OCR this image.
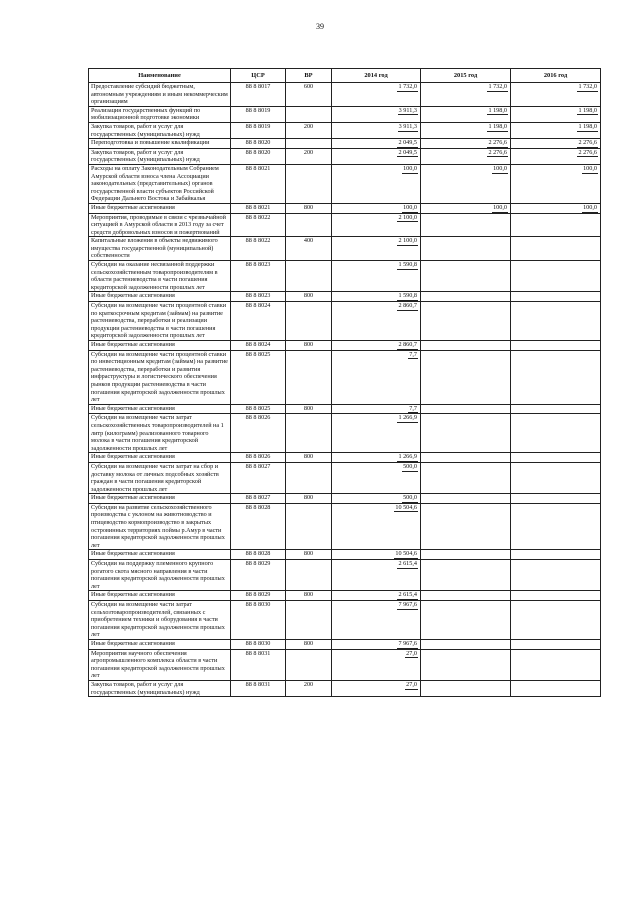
39
Наименование	ЦСР	ВР	2014 год	2015 год	2016 год
Предоставление субсидий бюджетным, автономным учреждениям и иным некоммерческим организациям	88 8 8017	600	1 732,0	1 732,0	1 732,0
Реализация государственных функций по мобилизационной подготовке экономики	88 8 8019		3 911,3	1 198,0	1 198,0
Закупка товаров, работ и услуг для государственных (муниципальных) нужд	88 8 8019	200	3 911,3	1 198,0	1 198,0
Переподготовка и повышение квалификации	88 8 8020		2 049,5	2 276,6	2 276,6
Закупка товаров, работ и услуг для государственных (муниципальных) нужд	88 8 8020	200	2 049,5	2 276,6	2 276,6
Расходы на оплату Законодательным Собранием Амурской области взноса члена Ассоциации законодательных (представительных) органов государственной власти субъектов Российской Федерации Дальнего Востока и Забайкалья	88 8 8021		100,0	100,0	100,0
Иные бюджетные ассигнования	88 8 8021	800	100,0	100,0	100,0
Мероприятия, проводимые в связи с чрезвычайной ситуацией в Амурской области в 2013 году за счет средств добровольных взносов и пожертвований	88 8 8022		2 100,0		
Капитальные вложения в объекты недвижимого имущества государственной (муниципальной) собственности	88 8 8022	400	2 100,0		
Субсидии на оказание несвязанной поддержки сельскохозяйственным товаропроизводителям в области растениеводства в части погашения кредиторской задолженности прошлых лет	88 8 8023		1 590,8		
Иные бюджетные ассигнования	88 8 8023	800	1 590,8		
Субсидии на возмещение части процентной ставки по краткосрочным кредитам (займам) на развитие растениеводства, переработки и реализации продукции растениеводства в части погашения кредиторской задолженности прошлых лет	88 8 8024		2 860,7		
Иные бюджетные ассигнования	88 8 8024	800	2 860,7		
Субсидии на возмещение части процентной ставки по инвестиционным кредитам (займам) на развитие растениеводства, переработки и развития инфраструктуры и логистического обеспечения рынков продукции растениеводства в части погашения кредиторской задолженности прошлых лет	88 8 8025		7,7		
Иные бюджетные ассигнования	88 8 8025	800	7,7		
Субсидии на возмещение части затрат сельскохозяйственных товаропроизводителей на 1 литр (килограмм) реализованного товарного молока в части погашения кредиторской задолженности прошлых лет	88 8 8026		1 266,9		
Иные бюджетные ассигнования	88 8 8026	800	1 266,9		
Субсидии на возмещение части затрат на сбор и доставку молока от личных подсобных хозяйств граждан в части погашения кредиторской задолженности прошлых лет	88 8 8027		500,0		
Иные бюджетные ассигнования	88 8 8027	800	500,0		
Субсидии на развитие сельскохозяйственного производства с уклоном на животноводство и птицеводство кормопроизводство в закрытых островинных территориях поймы р.Амур в части погашения кредиторской задолженности прошлых лет	88 8 8028		10 504,6		
Иные бюджетные ассигнования	88 8 8028	800	10 504,6		
Субсидии на поддержку племенного крупного рогатого скота мясного направления в части погашения кредиторской задолженности прошлых лет	88 8 8029		2 615,4		
Иные бюджетные ассигнования	88 8 8029	800	2 615,4		
Субсидии на возмещение части затрат сельхозтоваропроизводителей, связанных с приобретением техники и оборудования в части погашения кредиторской задолженности прошлых лет	88 8 8030		7 967,6		
Иные бюджетные ассигнования	88 8 8030	800	7 967,6		
Мероприятия научного обеспечения агропромышленного комплекса области в части погашения кредиторской задолженности прошлых лет	88 8 8031		27,0		
Закупка товаров, работ и услуг для государственных (муниципальных) нужд	88 8 8031	200	27,0		
